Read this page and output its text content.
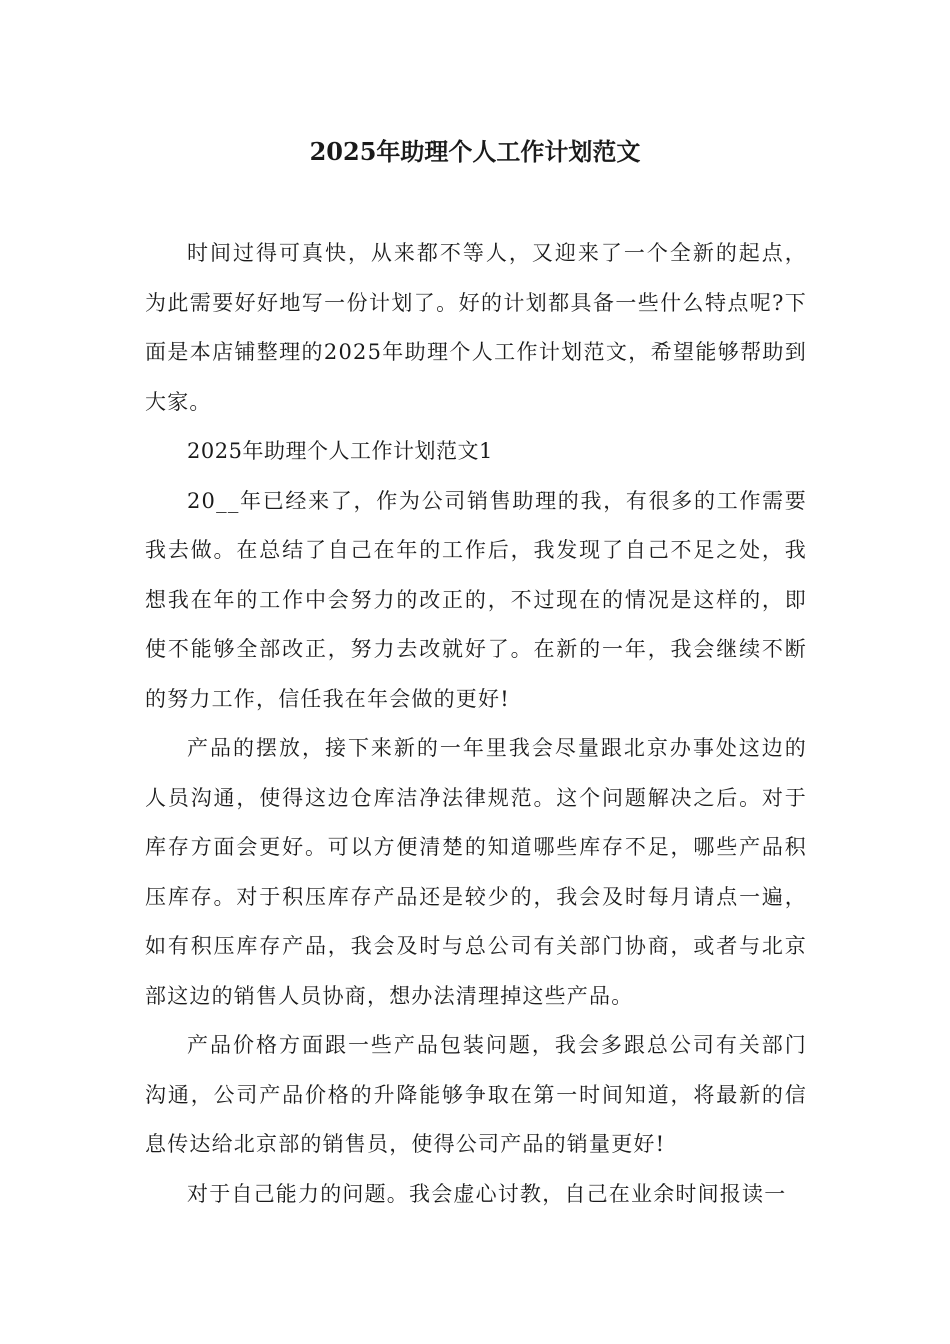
2025年助理个人工作计划范文

时间过得可真快，从来都不等人，又迎来了一个全新的起点，为此需要好好地写一份计划了。好的计划都具备一些什么特点呢?下面是本店铺整理的2025年助理个人工作计划范文，希望能够帮助到大家。

2025年助理个人工作计划范文1

20__年已经来了，作为公司销售助理的我，有很多的工作需要我去做。在总结了自己在年的工作后，我发现了自己不足之处，我想我在年的工作中会努力的改正的，不过现在的情况是这样的，即使不能够全部改正，努力去改就好了。在新的一年，我会继续不断的努力工作，信任我在年会做的更好!

产品的摆放，接下来新的一年里我会尽量跟北京办事处这边的人员沟通，使得这边仓库洁净法律规范。这个问题解决之后。对于库存方面会更好。可以方便清楚的知道哪些库存不足，哪些产品积压库存。对于积压库存产品还是较少的，我会及时每月请点一遍，如有积压库存产品，我会及时与总公司有关部门协商，或者与北京部这边的销售人员协商，想办法清理掉这些产品。

产品价格方面跟一些产品包装问题，我会多跟总公司有关部门沟通，公司产品价格的升降能够争取在第一时间知道，将最新的信息传达给北京部的销售员，使得公司产品的销量更好!

对于自己能力的问题。我会虚心讨教，自己在业余时间报读一
